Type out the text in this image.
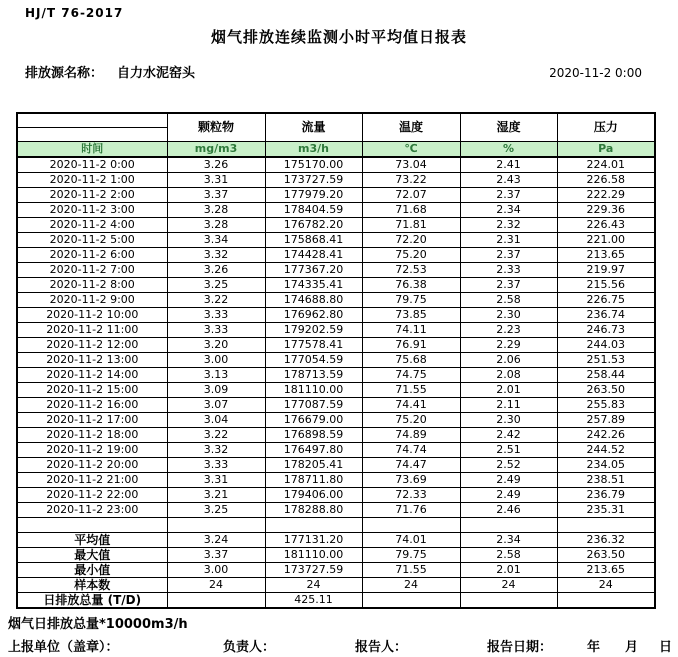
HJ/T 76-2017
烟气排放连续监测小时平均值日报表
排放源名称： 自力水泥窑头	2020-11-2 0:00
	颗粒物	流量	温度	湿度	压力

时间	mg/m3	m3/h	℃	%	Pa
2020-11-2 0:00	3.26	175170.00	73.04	2.41	224.01
2020-11-2 1:00	3.31	173727.59	73.22	2.43	226.58
2020-11-2 2:00	3.37	177979.20	72.07	2.37	222.29
2020-11-2 3:00	3.28	178404.59	71.68	2.34	229.36
2020-11-2 4:00	3.28	176782.20	71.81	2.32	226.43
2020-11-2 5:00	3.34	175868.41	72.20	2.31	221.00
2020-11-2 6:00	3.32	174428.41	75.20	2.37	213.65
2020-11-2 7:00	3.26	177367.20	72.53	2.33	219.97
2020-11-2 8:00	3.25	174335.41	76.38	2.37	215.56
2020-11-2 9:00	3.22	174688.80	79.75	2.58	226.75
2020-11-2 10:00	3.33	176962.80	73.85	2.30	236.74
2020-11-2 11:00	3.33	179202.59	74.11	2.23	246.73
2020-11-2 12:00	3.20	177578.41	76.91	2.29	244.03
2020-11-2 13:00	3.00	177054.59	75.68	2.06	251.53
2020-11-2 14:00	3.13	178713.59	74.75	2.08	258.44
2020-11-2 15:00	3.09	181110.00	71.55	2.01	263.50
2020-11-2 16:00	3.07	177087.59	74.41	2.11	255.83
2020-11-2 17:00	3.04	176679.00	75.20	2.30	257.89
2020-11-2 18:00	3.22	176898.59	74.89	2.42	242.26
2020-11-2 19:00	3.32	176497.80	74.74	2.51	244.52
2020-11-2 20:00	3.33	178205.41	74.47	2.52	234.05
2020-11-2 21:00	3.31	178711.80	73.69	2.49	238.51
2020-11-2 22:00	3.21	179406.00	72.33	2.49	236.79
2020-11-2 23:00	3.25	178288.80	71.76	2.46	235.31

平均值	3.24	177131.20	74.01	2.34	236.32
最大值	3.37	181110.00	79.75	2.58	263.50
最小值	3.00	173727.59	71.55	2.01	213.65
样本数	24	24	24	24	24
日排放总量 (T/D)		425.11			
烟气日排放总量*10000m3/h
上报单位（盖章）：	负责人：	报告人：	报告日期：	年 月 日
